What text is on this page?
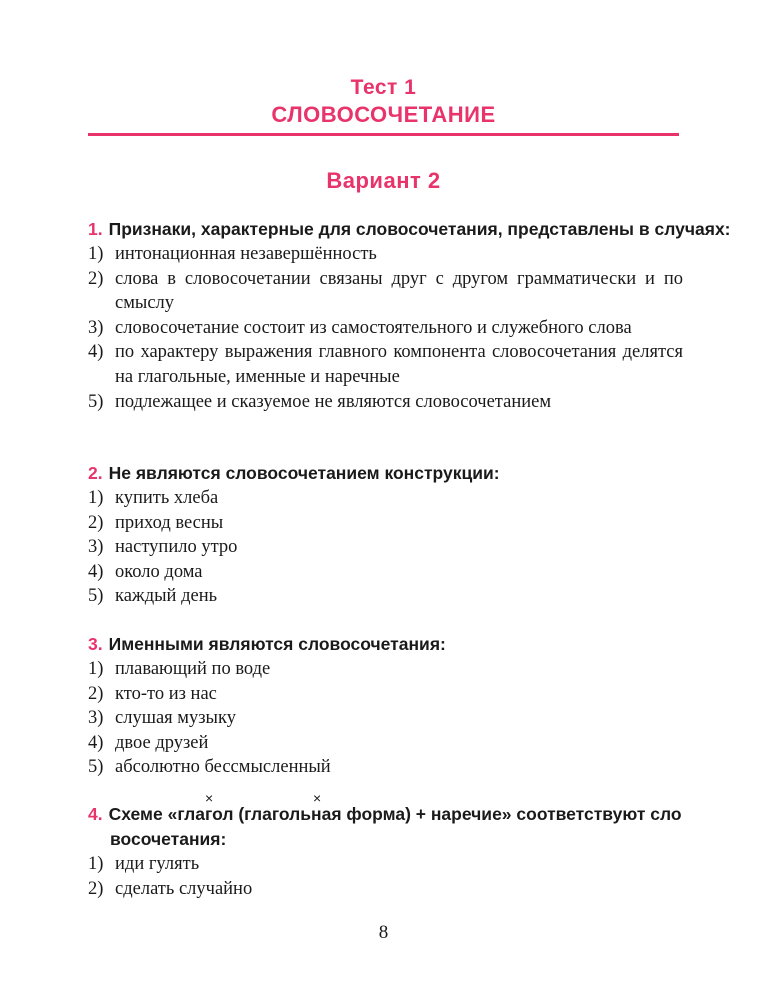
Тест 1
СЛОВОСОЧЕТАНИЕ
Вариант 2
1. Признаки, характерные для словосочетания, представлены в случаях:
1) интонационная незавершённость
2) слова в словосочетании связаны друг с другом грамматически и по смыслу
3) словосочетание состоит из самостоятельного и служебного слова
4) по характеру выражения главного компонента словосочетания делятся на глагольные, именные и наречные
5) подлежащее и сказуемое не являются словосочетанием
2. Не являются словосочетанием конструкции:
1) купить хлеба
2) приход весны
3) наступило утро
4) около дома
5) каждый день
3. Именными являются словосочетания:
1) плавающий по воде
2) кто-то из нас
3) слушая музыку
4) двое друзей
5) абсолютно бессмысленный
×	×
4. Схеме «глагол (глагольная форма) + наречие» соответствуют сло
восочетания:
1) иди гулять
2) сделать случайно
8
